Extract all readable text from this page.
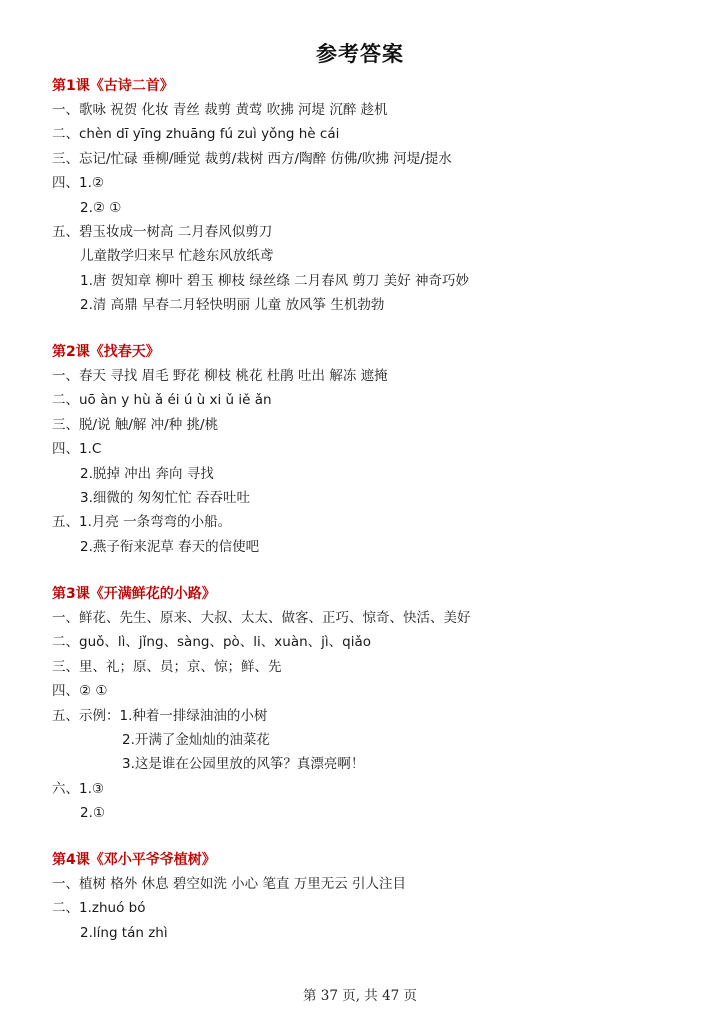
参考答案
第1课《古诗二首》
一、歌咏 祝贺 化妆 青丝 裁剪 黄莺 吹拂 河堤 沉醉 趁机
二、chèn dī yīng zhuāng fú zuì yǒng hè cái
三、忘记/忙碌 垂柳/睡觉 裁剪/栽树 西方/陶醉 仿佛/吹拂 河堤/提水
四、1.②
2.② ①
五、碧玉妆成一树高 二月春风似剪刀
儿童散学归来早 忙趁东风放纸鸢
1.唐 贺知章 柳叶 碧玉 柳枝 绿丝绦 二月春风 剪刀 美好 神奇巧妙
2.清 高鼎 早春二月轻快明丽 儿童 放风筝 生机勃勃
第2课《找春天》
一、春天 寻找 眉毛 野花 柳枝 桃花 杜鹃 吐出 解冻 遮掩
二、uō àn y hù ǎ éi ú ù xi ǔ iě ǎn
三、脱/说 触/解 冲/种 挑/桃
四、1.C
2.脱掉 冲出 奔向 寻找
3.细微的 匆匆忙忙 吞吞吐吐
五、1.月亮 一条弯弯的小船。
2.燕子衔来泥草 春天的信使吧
第3课《开满鲜花的小路》
一、鲜花、先生、原来、大叔、太太、做客、正巧、惊奇、快活、美好
二、guǒ、lì、jǐng、sàng、pò、li、xuàn、jì、qiǎo
三、里、礼；原、员；京、惊；鲜、先
四、② ①
五、示例：1.种着一排绿油油的小树
2.开满了金灿灿的油菜花
3.这是谁在公园里放的风筝？真漂亮啊！
六、1.③
2.①
第4课《邓小平爷爷植树》
一、植树 格外 休息 碧空如洗 小心 笔直 万里无云 引人注目
二、1.zhuó bó
2.líng tán zhì
第 37 页, 共 47 页
